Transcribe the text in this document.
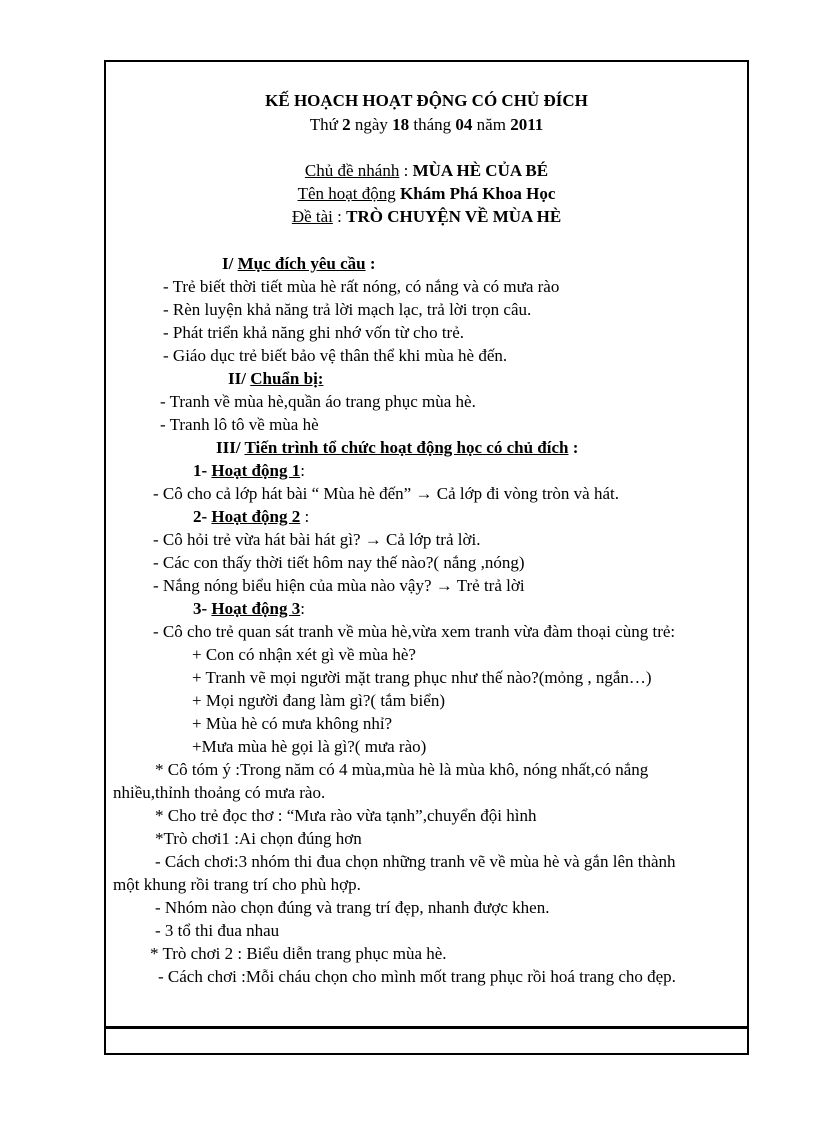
KẾ HOẠCH HOẠT ĐỘNG CÓ CHỦ ĐÍCH
Thứ 2 ngày 18 tháng 04 năm 2011
Chủ đề nhánh : MÙA HÈ CỦA BÉ
Tên hoạt động Khám Phá Khoa Học
Đề tài : TRÒ CHUYỆN VỀ MÙA HÈ
I/ Mục đích yêu cầu :
- Trẻ biết thời tiết mùa hè rất nóng, có nắng và có mưa rào
- Rèn luyện khả năng trả lời mạch lạc, trả lời trọn câu.
- Phát triển khả năng ghi nhớ vốn từ cho trẻ.
- Giáo dục trẻ biết bảo vệ thân thể khi mùa hè đến.
II/ Chuẩn bị:
- Tranh về mùa hè,quần áo trang phục mùa hè.
- Tranh lô tô về mùa hè
III/ Tiến trình tổ chức hoạt động học có chủ đích :
1- Hoạt động 1:
- Cô cho cả lớp hát bài “ Mùa hè đến” → Cả lớp đi vòng tròn và hát.
2- Hoạt động 2 :
- Cô hỏi trẻ vừa hát bài hát gì? → Cả lớp trả lời.
- Các con thấy thời tiết hôm nay thế nào?( nắng ,nóng)
- Nắng nóng biểu hiện của mùa nào vậy? → Trẻ trả lời
3- Hoạt động 3:
- Cô cho trẻ quan sát tranh về mùa hè,vừa xem tranh vừa đàm thoại cùng trẻ:
+ Con có nhận xét gì về mùa hè?
+ Tranh vẽ mọi người mặt trang phục như thế nào?(mỏng , ngắn…)
+ Mọi người đang làm gì?( tắm biển)
+ Mùa hè có mưa không nhỉ?
+Mưa mùa hè gọi là gì?( mưa rào)
* Cô tóm ý :Trong năm có 4 mùa,mùa hè là mùa khô, nóng nhất,có nắng
nhiều,thỉnh thoảng có mưa rào.
* Cho trẻ đọc thơ : “Mưa rào vừa tạnh”,chuyển đội hình
*Trò chơi1 :Ai chọn đúng hơn
- Cách chơi:3 nhóm thi đua chọn những tranh vẽ về mùa hè và gắn lên thành
một khung rồi trang trí cho phù hợp.
- Nhóm nào chọn đúng và trang trí đẹp, nhanh được khen.
- 3 tổ thi đua nhau
* Trò chơi 2 : Biểu diễn trang phục mùa hè.
- Cách chơi :Mỗi cháu chọn cho mình mốt trang phục rồi hoá trang cho đẹp.
